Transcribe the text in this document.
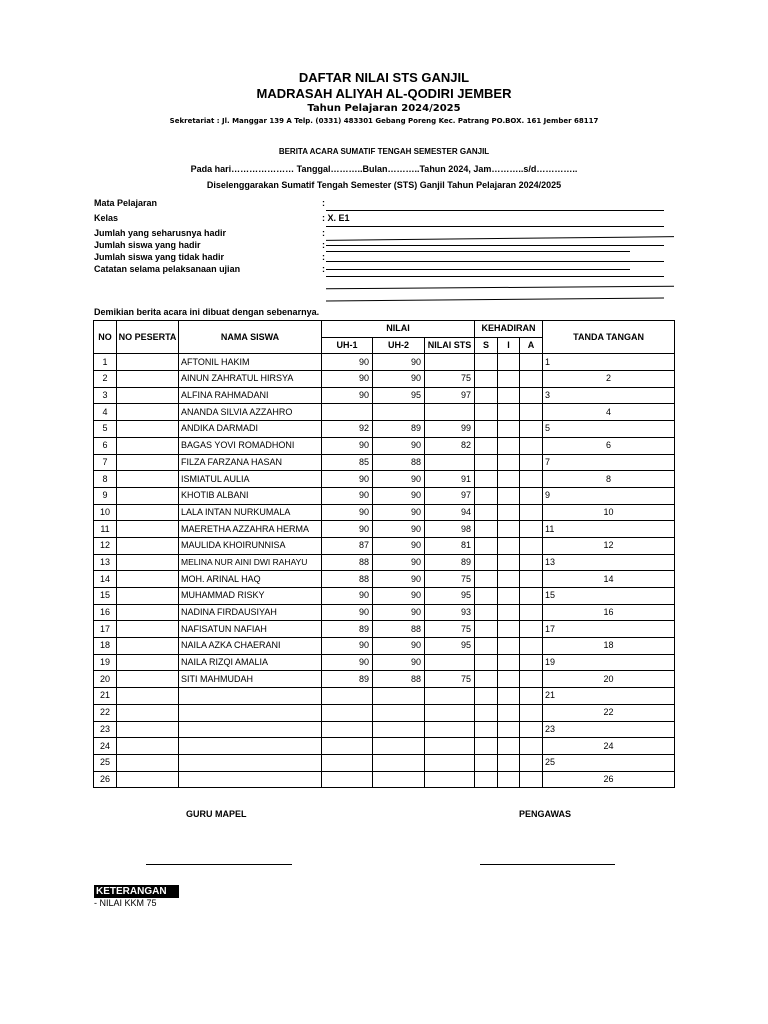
DAFTAR NILAI STS GANJIL
MADRASAH ALIYAH AL-QODIRI JEMBER
Tahun Pelajaran 2024/2025
Sekretariat : Jl. Manggar 139 A Telp. (0331) 483301 Gebang Poreng Kec. Patrang PO.BOX. 161 Jember 68117
BERITA ACARA SUMATIF TENGAH SEMESTER GANJIL
Pada hari………………… Tanggal………..Bulan………..Tahun 2024, Jam………..s/d…………..
Diselenggarakan Sumatif Tengah Semester (STS) Ganjil Tahun Pelajaran 2024/2025
Mata Pelajaran	:
Kelas	: X. E1
Jumlah yang seharusnya hadir	:
Jumlah siswa yang hadir	:
Jumlah siswa yang tidak hadir	:
Catatan selama pelaksanaan ujian	:
Demikian berita acara ini dibuat dengan sebenarnya.
NO	NO PESERTA	NAMA SISWA	NILAI			KEHADIRAN			TANDA TANGAN
			UH-1	UH-2	NILAI STS	S	I	A	
1		AFTONIL HAKIM	90	90					1
2		AINUN ZAHRATUL HIRSYA	90	90	75				2
3		ALFINA RAHMADANI	90	95	97				3
4		ANANDA SILVIA AZZAHRO							4
5		ANDIKA DARMADI	92	89	99				5
6		BAGAS YOVI ROMADHONI	90	90	82				6
7		FILZA FARZANA HASAN	85	88					7
8		ISMIATUL AULIA	90	90	91				8
9		KHOTIB ALBANI	90	90	97				9
10		LALA INTAN NURKUMALA	90	90	94				10
11		MAERETHA AZZAHRA HERMA	90	90	98				11
12		MAULIDA KHOIRUNNISA	87	90	81				12
13		MELINA NUR AINI DWI RAHAYU	88	90	89				13
14		MOH. ARINAL HAQ	88	90	75				14
15		MUHAMMAD RISKY	90	90	95				15
16		NADINA FIRDAUSIYAH	90	90	93				16
17		NAFISATUN NAFIAH	89	88	75				17
18		NAILA AZKA CHAERANI	90	90	95				18
19		NAILA RIZQI AMALIA	90	90					19
20		SITI MAHMUDAH	89	88	75				20
21									21
22									22
23									23
24									24
25									25
26									26
GURU MAPEL	PENGAWAS
KETERANGAN
- NILAI KKM 75
